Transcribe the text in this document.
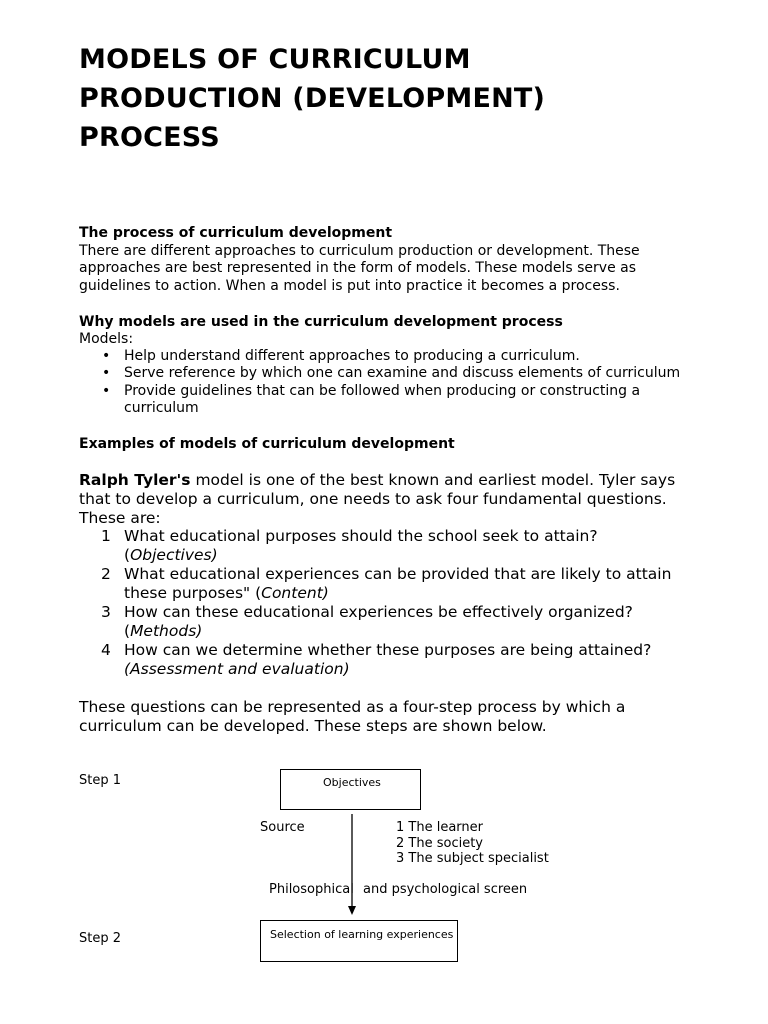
MODELS OF CURRICULUM
PRODUCTION (DEVELOPMENT)
PROCESS
The process of curriculum development
There are different approaches to curriculum production or development. These
approaches are best represented in the form of models. These models serve as
guidelines to action. When a model is put into practice it becomes a process.
Why models are used in the curriculum development process
Models:
• Help understand different approaches to producing a curriculum.
• Serve reference by which one can examine and discuss elements of curriculum
• Provide guidelines that can be followed when producing or constructing a
curriculum
Examples of models of curriculum development
Ralph Tyler's model is one of the best known and earliest model. Tyler says
that to develop a curriculum, one needs to ask four fundamental questions.
These are:
1 What educational purposes should the school seek to attain?
(Objectives)
2 What educational experiences can be provided that are likely to attain
these purposes" (Content)
3 How can these educational experiences be effectively organized?
(Methods)
4 How can we determine whether these purposes are being attained?
(Assessment and evaluation)
These questions can be represented as a four-step process by which a
curriculum can be developed. These steps are shown below.
Step 1	Objectives
Source	1 The learner
2 The society
3 The subject specialist
Philosophical and psychological screen
Step 2	Selection of learning experiences
